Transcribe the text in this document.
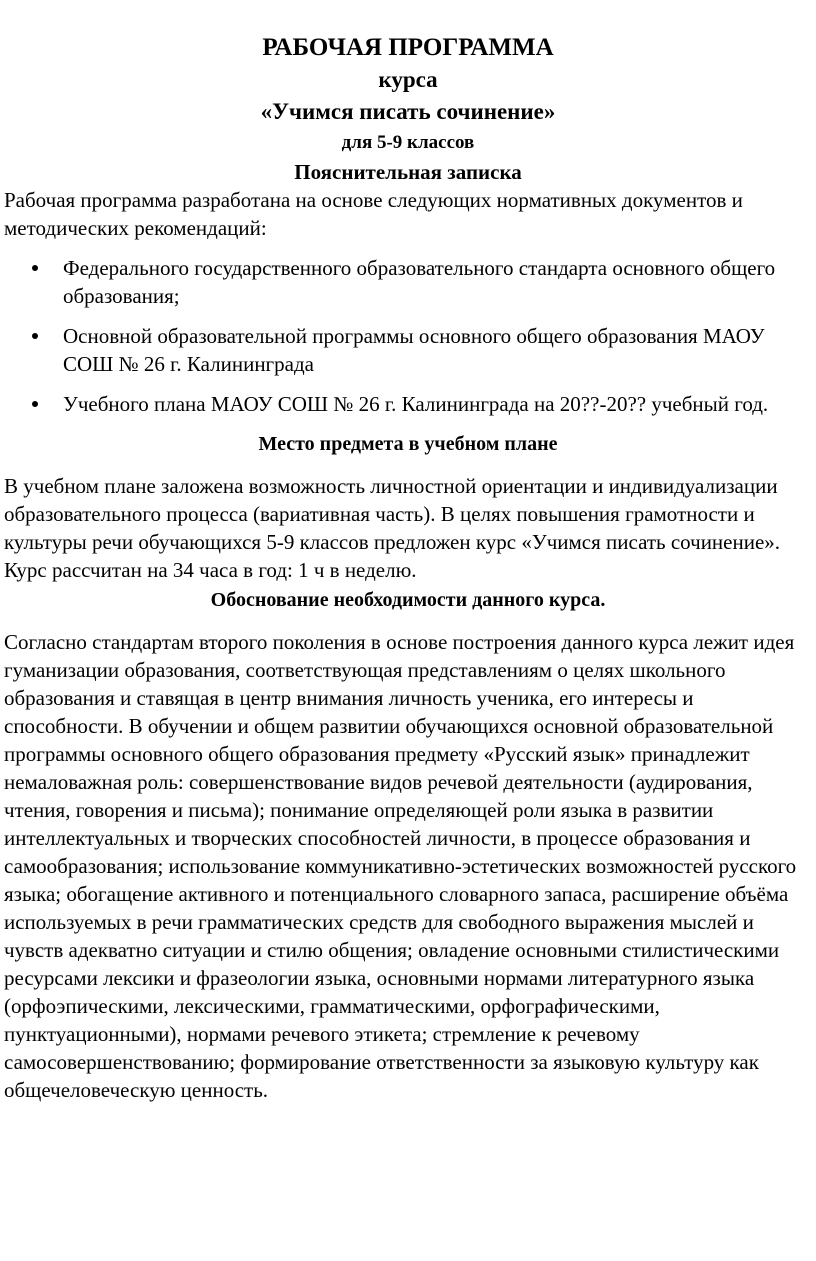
РАБОЧАЯ ПРОГРАММА
курса
«Учимся писать сочинение»
для 5-9 классов
Пояснительная записка

Рабочая программа разработана на основе следующих нормативных документов и методических рекомендаций:

Федерального государственного образовательного стандарта основного общего образования;
Основной образовательной программы основного общего образования МАОУ СОШ № 26 г. Калининграда
Учебного плана МАОУ СОШ № 26 г. Калининграда на 20??-20?? учебный год.
Место предмета в учебном плане

В учебном плане заложена возможность личностной ориентации и индивидуализации образовательного процесса (вариативная часть). В целях повышения грамотности и культуры речи обучающихся 5-9 классов предложен курс «Учимся писать сочинение». Курс рассчитан на 34 часа в год: 1 ч в неделю.

Обоснование необходимости данного курса.

Согласно стандартам второго поколения в основе построения данного курса лежит идея гуманизации образования, соответствующая представлениям о целях школьного образования и ставящая в центр внимания личность ученика, его интересы и способности. В обучении и общем развитии обучающихся основной образовательной программы основного общего образования предмету «Русский язык» принадлежит немаловажная роль: совершенствование видов речевой деятельности (аудирования, чтения, говорения и письма); понимание определяющей роли языка в развитии интеллектуальных и творческих способностей личности, в процессе образования и самообразования; использование коммуникативно-эстетических возможностей русского языка; обогащение активного и потенциального словарного запаса, расширение объёма используемых в речи грамматических средств для свободного выражения мыслей и чувств адекватно ситуации и стилю общения; овладение основными стилистическими ресурсами лексики и фразеологии языка, основными нормами литературного языка (орфоэпическими, лексическими, грамматическими, орфографическими, пунктуационными), нормами речевого этикета; стремление к речевому самосовершенствованию; формирование ответственности за языковую культуру как общечеловеческую ценность.
